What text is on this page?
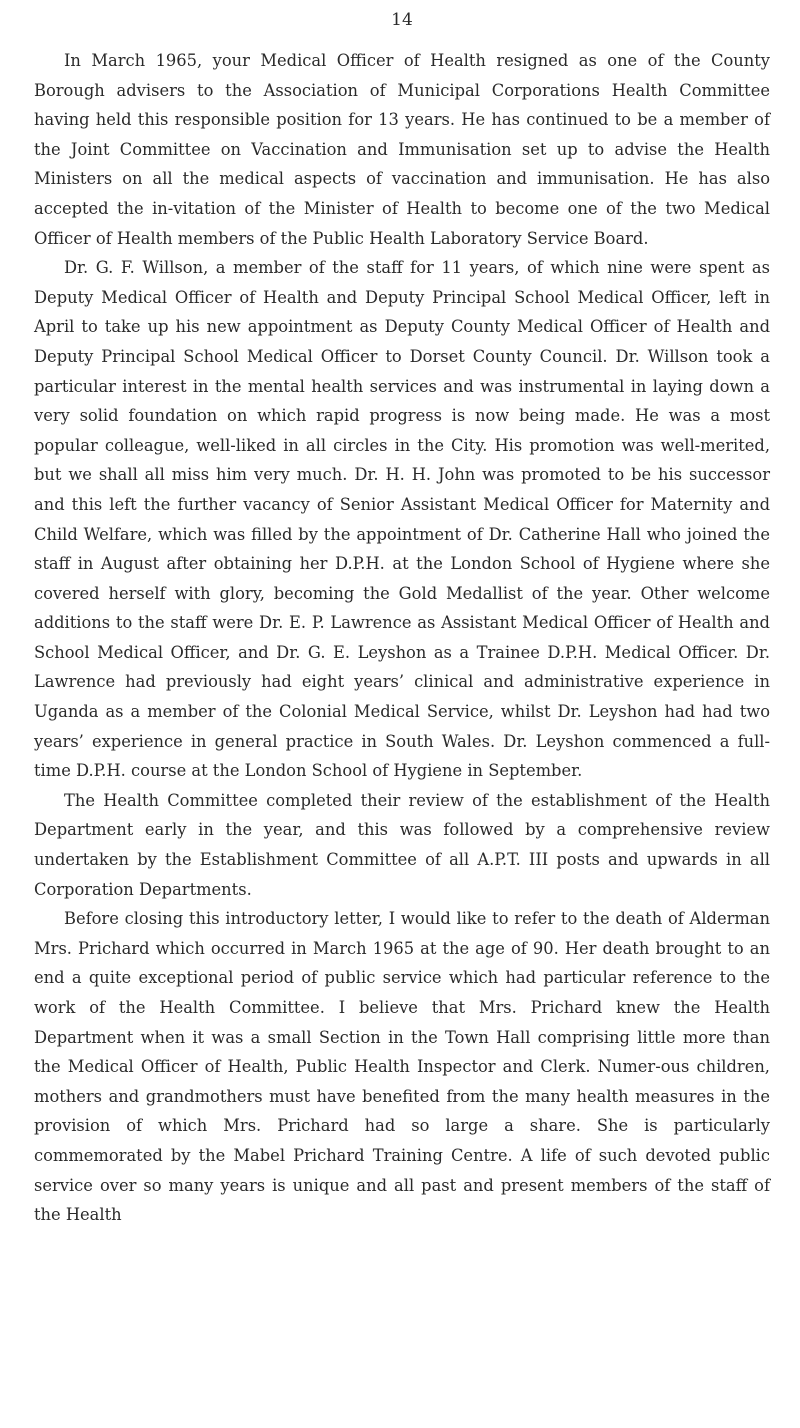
14

In March 1965, your Medical Officer of Health resigned as one of the County Borough advisers to the Association of Municipal Corporations Health Committee having held this responsible position for 13 years. He has continued to be a member of the Joint Committee on Vaccination and Immunisation set up to advise the Health Ministers on all the medical aspects of vaccination and immunisation. He has also accepted the in-vitation of the Minister of Health to become one of the two Medical Officer of Health members of the Public Health Laboratory Service Board.

Dr. G. F. Willson, a member of the staff for 11 years, of which nine were spent as Deputy Medical Officer of Health and Deputy Principal School Medical Officer, left in April to take up his new appointment as Deputy County Medical Officer of Health and Deputy Principal School Medical Officer to Dorset County Council. Dr. Willson took a particular interest in the mental health services and was instrumental in laying down a very solid foundation on which rapid progress is now being made. He was a most popular colleague, well-liked in all circles in the City. His promotion was well-merited, but we shall all miss him very much. Dr. H. H. John was promoted to be his successor and this left the further vacancy of Senior Assistant Medical Officer for Maternity and Child Welfare, which was filled by the appointment of Dr. Catherine Hall who joined the staff in August after obtaining her D.P.H. at the London School of Hygiene where she covered herself with glory, becoming the Gold Medallist of the year. Other welcome additions to the staff were Dr. E. P. Lawrence as Assistant Medical Officer of Health and School Medical Officer, and Dr. G. E. Leyshon as a Trainee D.P.H. Medical Officer. Dr. Lawrence had previously had eight years’ clinical and administrative experience in Uganda as a member of the Colonial Medical Service, whilst Dr. Leyshon had had two years’ experience in general practice in South Wales. Dr. Leyshon commenced a full-time D.P.H. course at the London School of Hygiene in September.

The Health Committee completed their review of the establishment of the Health Department early in the year, and this was followed by a comprehensive review undertaken by the Establishment Committee of all A.P.T. III posts and upwards in all Corporation Departments.

Before closing this introductory letter, I would like to refer to the death of Alderman Mrs. Prichard which occurred in March 1965 at the age of 90. Her death brought to an end a quite exceptional period of public service which had particular reference to the work of the Health Committee. I believe that Mrs. Prichard knew the Health Department when it was a small Section in the Town Hall comprising little more than the Medical Officer of Health, Public Health Inspector and Clerk. Numer-ous children, mothers and grandmothers must have benefited from the many health measures in the provision of which Mrs. Prichard had so large a share. She is particularly commemorated by the Mabel Prichard Training Centre. A life of such devoted public service over so many years is unique and all past and present members of the staff of the Health
